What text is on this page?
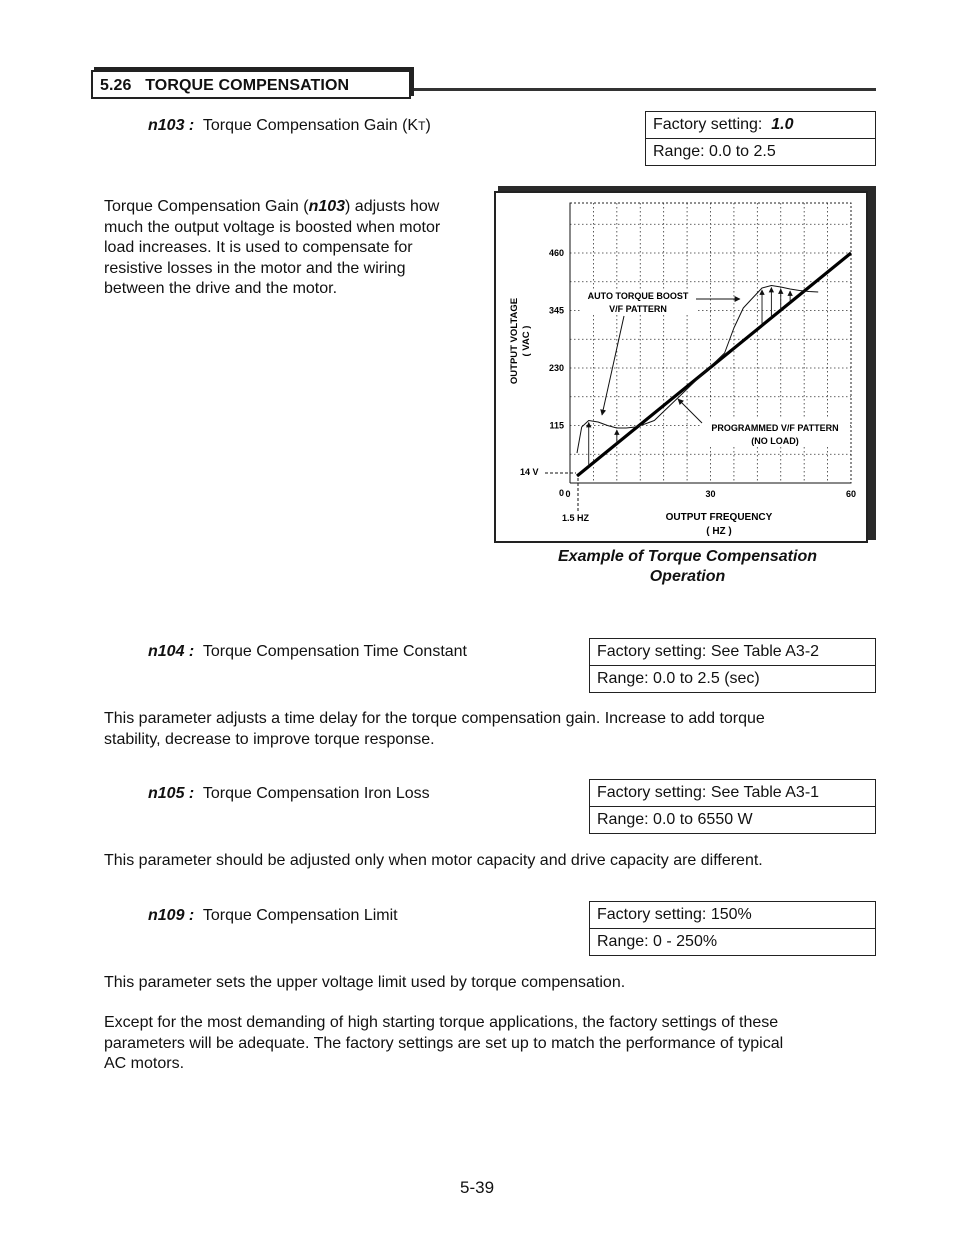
5.26 TORQUE COMPENSATION
n103 : Torque Compensation Gain (KT)	Factory setting: 1.0
Range: 0.0 to 2.5
Torque Compensation Gain (n103) adjusts how
much the output voltage is boosted when motor
load increases. It is used to compensate for
resistive losses in the motor and the wiring
between the drive and the motor.
0
115
230
345
460
0	30	60
14 V
1.5 HZ
OUTPUT VOLTAGE ( VAC )
OUTPUT FREQUENCY
( HZ )
AUTO TORQUE BOOST
V/F PATTERN
PROGRAMMED V/F PATTERN
(NO LOAD)
Example of Torque Compensation
Operation
n104 : Torque Compensation Time Constant	Factory setting: See Table A3-2
Range: 0.0 to 2.5 (sec)
This parameter adjusts a time delay for the torque compensation gain. Increase to add torque
stability, decrease to improve torque response.
n105 : Torque Compensation Iron Loss	Factory setting: See Table A3-1
Range: 0.0 to 6550 W
This parameter should be adjusted only when motor capacity and drive capacity are different.
n109 : Torque Compensation Limit	Factory setting: 150%
Range: 0 - 250%
This parameter sets the upper voltage limit used by torque compensation.
Except for the most demanding of high starting torque applications, the factory settings of these
parameters will be adequate. The factory settings are set up to match the performance of typical
AC motors.
5-39
